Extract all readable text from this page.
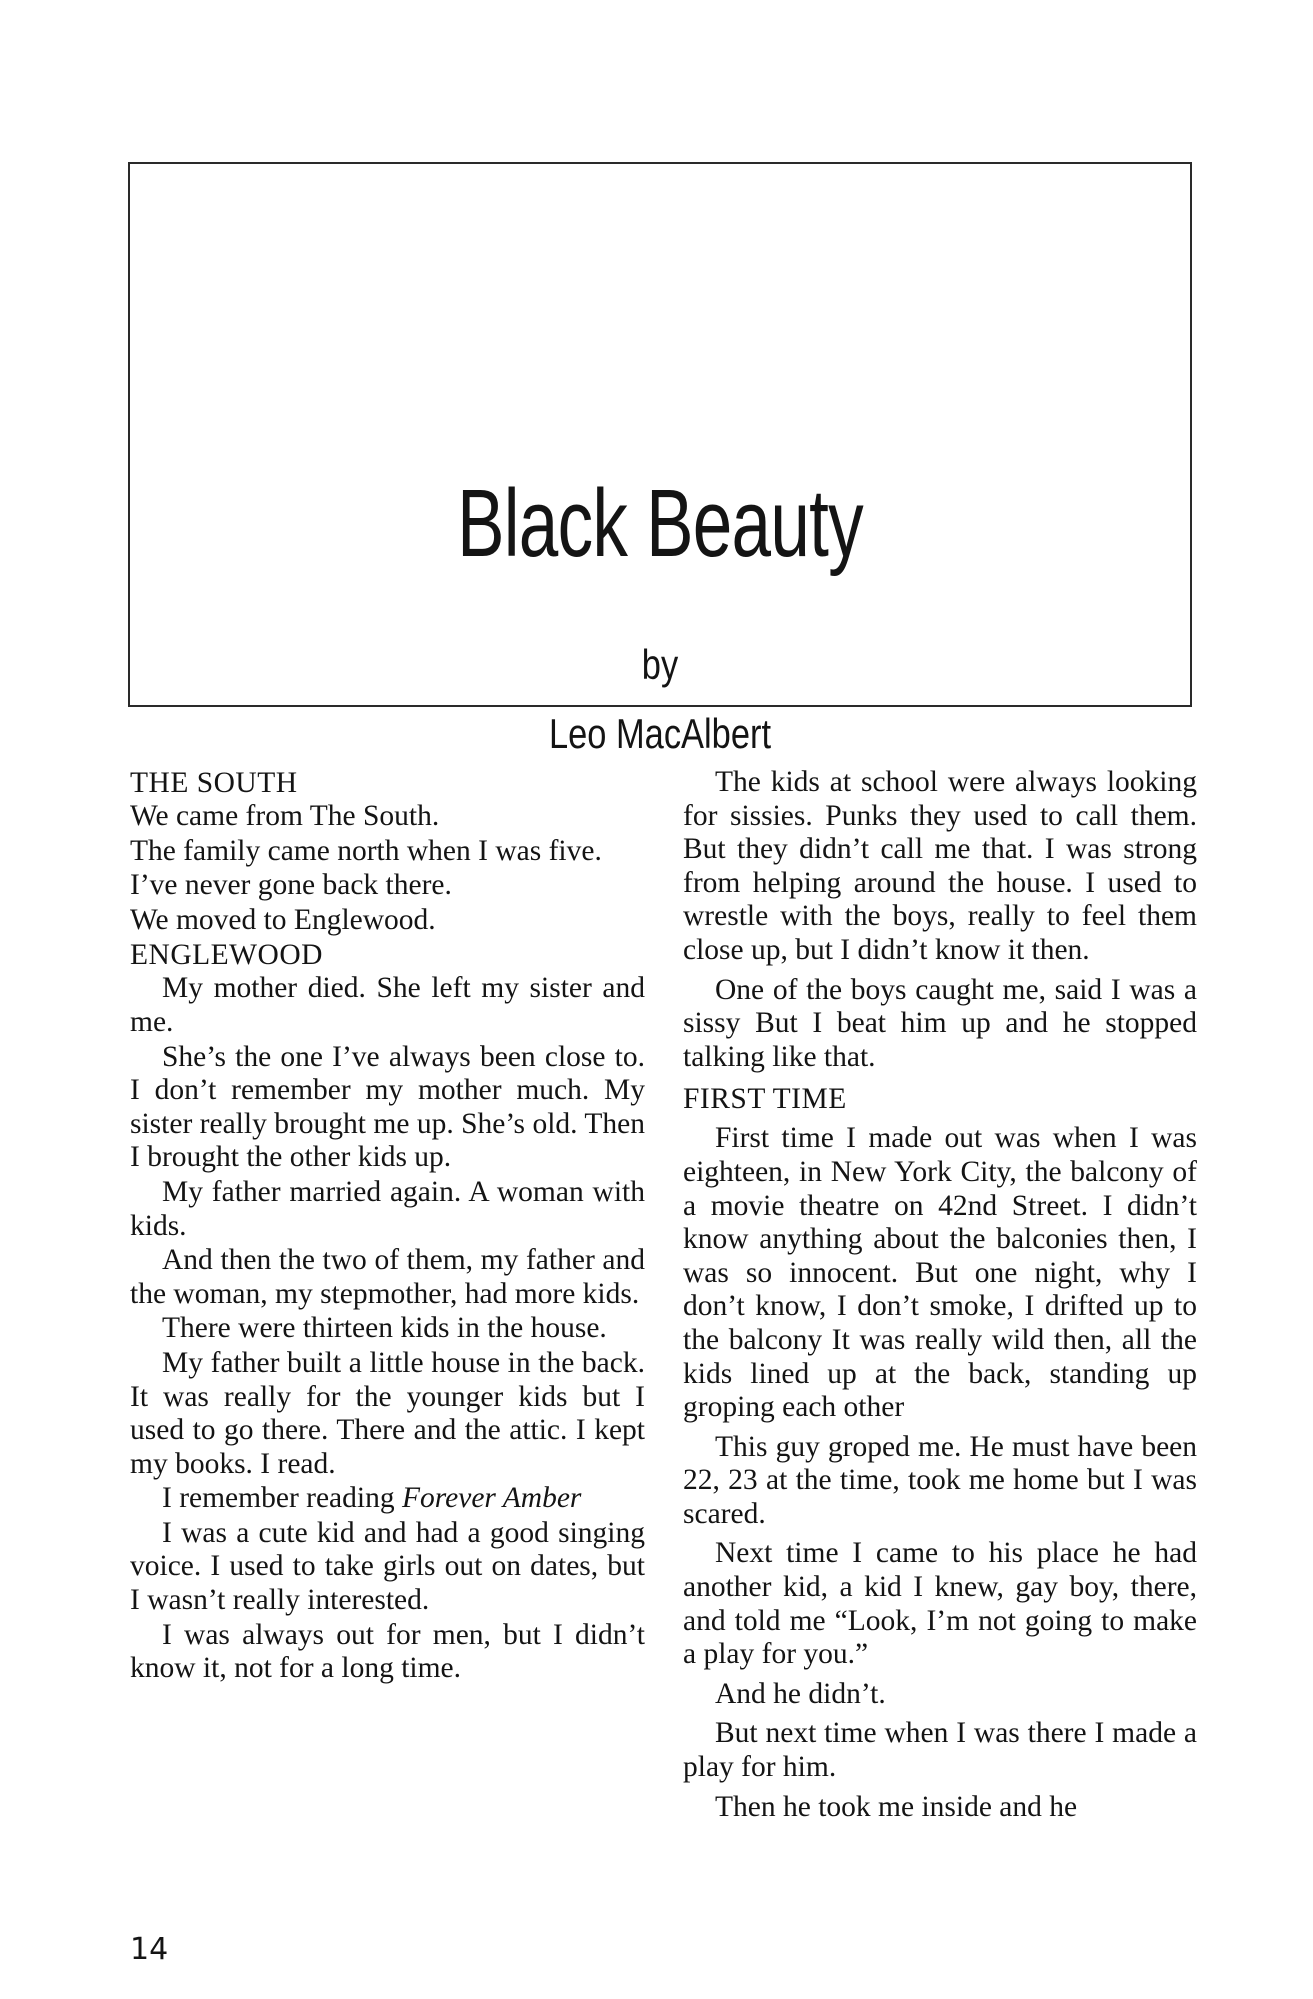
Black Beauty
by
Leo MacAlbert
THE SOUTH

We came from The South.

The family came north when I was five.

I’ve never gone back there.

We moved to Englewood.

ENGLEWOOD

My mother died. She left my sister and me.

She’s the one I’ve always been close to. I don’t remember my mother much. My sister really brought me up. She’s old. Then I brought the other kids up.

My father married again. A woman with kids.

And then the two of them, my father and the woman, my stepmother, had more kids.

There were thirteen kids in the house.

My father built a little house in the back. It was really for the younger kids but I used to go there. There and the attic. I kept my books. I read.

I remember reading Forever Amber

I was a cute kid and had a good singing voice. I used to take girls out on dates, but I wasn’t really interested.

I was always out for men, but I didn’t know it, not for a long time.

The kids at school were always looking for sissies. Punks they used to call them. But they didn’t call me that. I was strong from helping around the house. I used to wrestle with the boys, really to feel them close up, but I didn’t know it then.

One of the boys caught me, said I was a sissy But I beat him up and he stopped talking like that.

FIRST TIME

First time I made out was when I was eighteen, in New York City, the balcony of a movie theatre on 42nd Street. I didn’t know anything about the balconies then, I was so innocent. But one night, why I don’t know, I don’t smoke, I drifted up to the balcony It was really wild then, all the kids lined up at the back, standing up groping each other

This guy groped me. He must have been 22, 23 at the time, took me home but I was scared.

Next time I came to his place he had another kid, a kid I knew, gay boy, there, and told me “Look, I’m not going to make a play for you.”

And he didn’t.

But next time when I was there I made a play for him.

Then he took me inside and he

14
